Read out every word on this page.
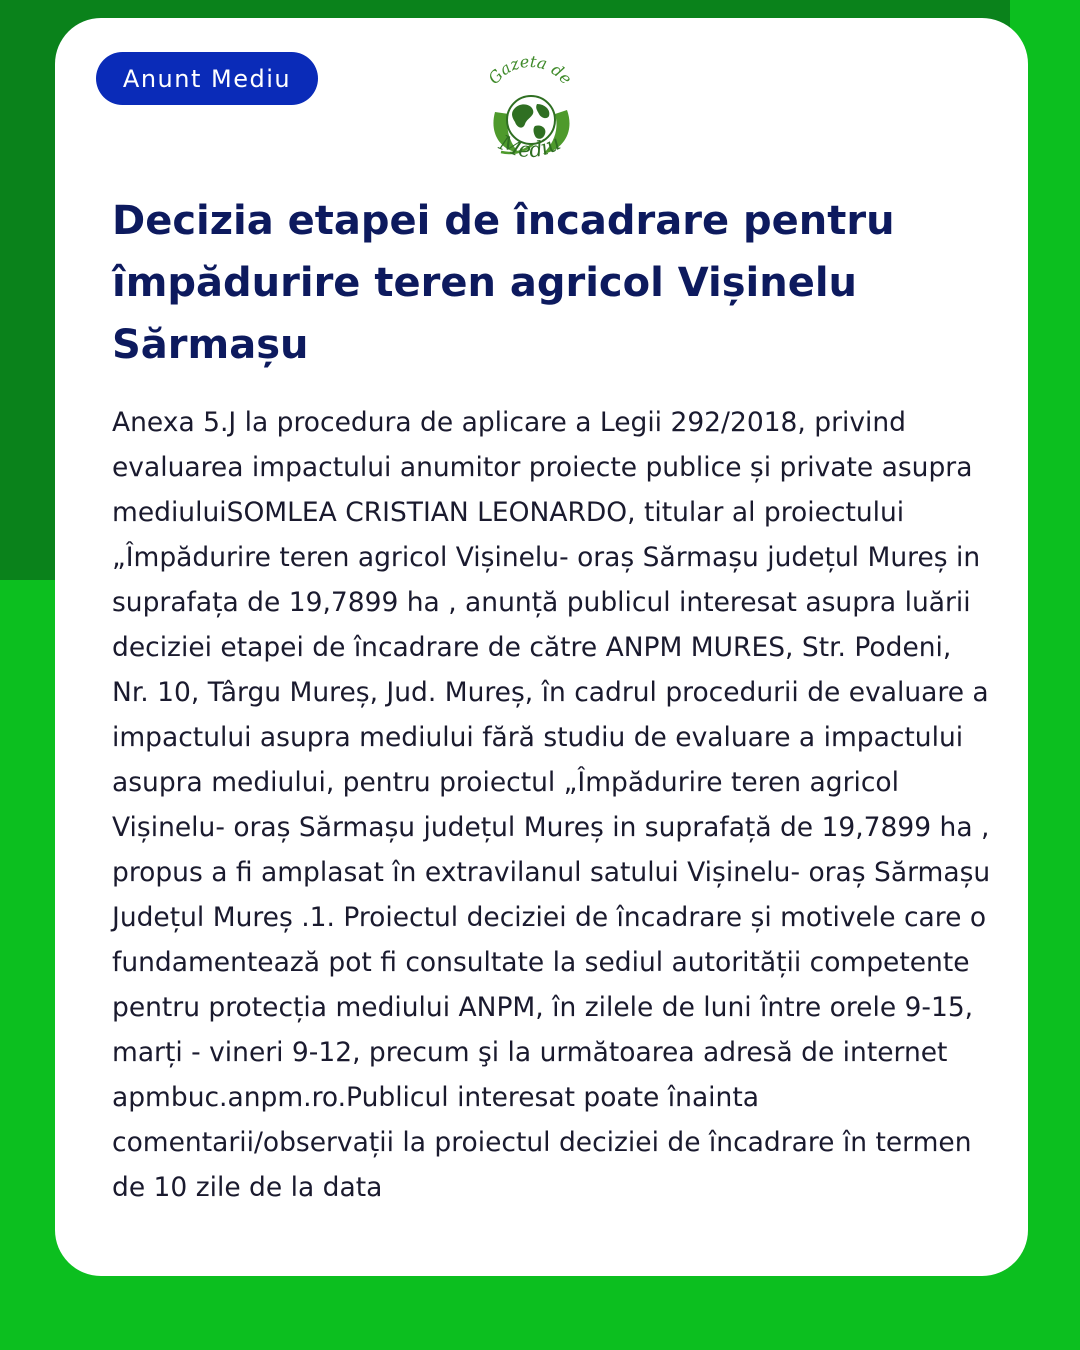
Anunt Mediu	Gazeta de
Mediu
Decizia etapei de încadrare pentru împădurire teren agricol Vișinelu Sărmașu

Anexa 5.J la procedura de aplicare a Legii 292/2018, privind evaluarea impactului anumitor proiecte publice și private asupra mediuluiSOMLEA CRISTIAN LEONARDO, titular al proiectului „Împădurire teren agricol Vișinelu- oraș Sărmașu județul Mureș in suprafața de 19,7899 ha , anunță publicul interesat asupra luării deciziei etapei de încadrare de către ANPM MURES, Str. Podeni, Nr. 10, Târgu Mureș, Jud. Mureș, în cadrul procedurii de evaluare a impactului asupra mediului fără studiu de evaluare a impactului asupra mediului, pentru proiectul „Împădurire teren agricol Vișinelu- oraș Sărmașu județul Mureș in suprafață de 19,7899 ha , propus a fi amplasat în extravilanul satului Vișinelu- oraș Sărmașu Județul Mureș .1. Proiectul deciziei de încadrare și motivele care o fundamentează pot fi consultate la sediul autorității competente pentru protecția mediului ANPM, în zilele de luni între orele 9-15, marți - vineri 9-12, precum şi la următoarea adresă de internet apmbuc.anpm.ro.Publicul interesat poate înainta comentarii/observații la proiectul deciziei de încadrare în termen de 10 zile de la data
